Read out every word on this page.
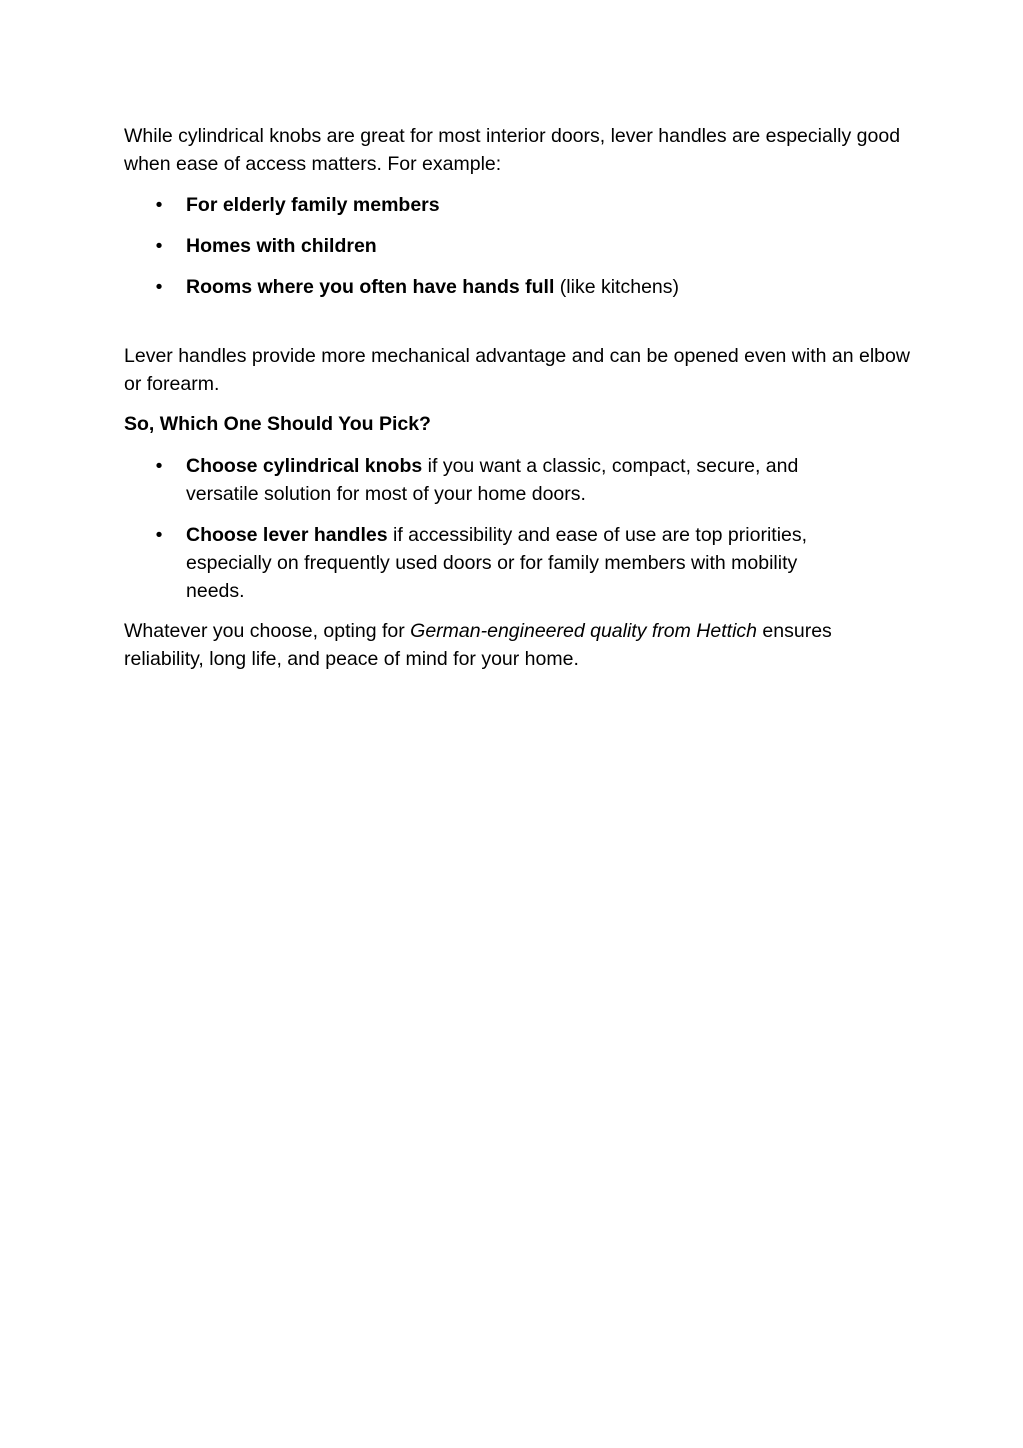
While cylindrical knobs are great for most interior doors, lever handles are especially good when ease of access matters. For example:

• For elderly family members
• Homes with children
• Rooms where you often have hands full (like kitchens)

Lever handles provide more mechanical advantage and can be opened even with an elbow or forearm.

So, Which One Should You Pick?

• Choose cylindrical knobs if you want a classic, compact, secure, and versatile solution for most of your home doors.
• Choose lever handles if accessibility and ease of use are top priorities, especially on frequently used doors or for family members with mobility needs.

Whatever you choose, opting for German-engineered quality from Hettich ensures reliability, long life, and peace of mind for your home.
